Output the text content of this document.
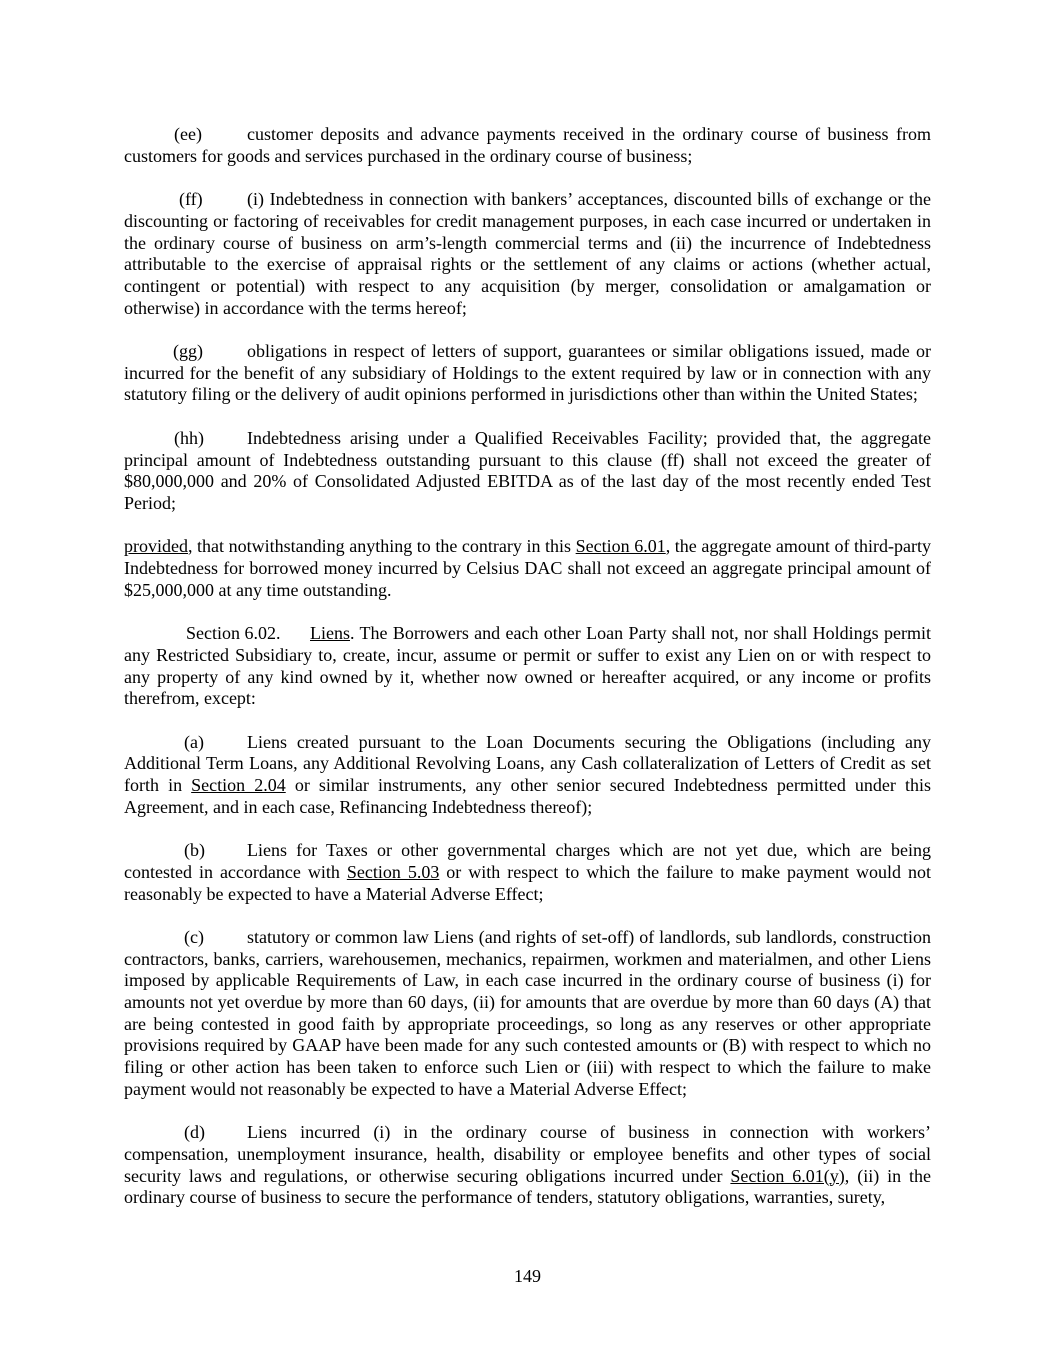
(ee)	customer deposits and advance payments received in the ordinary course of business from customers for goods and services purchased in the ordinary course of business;

(ff) (i) Indebtedness in connection with bankers’ acceptances, discounted bills of exchange or the discounting or factoring of receivables for credit management purposes, in each case incurred or undertaken in the ordinary course of business on arm’s-length commercial terms and (ii) the incurrence of Indebtedness attributable to the exercise of appraisal rights or the settlement of any claims or actions (whether actual, contingent or potential) with respect to any acquisition (by merger, consolidation or amalgamation or otherwise) in accordance with the terms hereof;

(gg) obligations in respect of letters of support, guarantees or similar obligations issued, made or incurred for the benefit of any subsidiary of Holdings to the extent required by law or in connection with any statutory filing or the delivery of audit opinions performed in jurisdictions other than within the United States;

(hh) Indebtedness arising under a Qualified Receivables Facility; provided that, the aggregate principal amount of Indebtedness outstanding pursuant to this clause (ff) shall not exceed the greater of $80,000,000 and 20% of Consolidated Adjusted EBITDA as of the last day of the most recently ended Test Period;

provided, that notwithstanding anything to the contrary in this Section 6.01, the aggregate amount of third-party Indebtedness for borrowed money incurred by Celsius DAC shall not exceed an aggregate principal amount of $25,000,000 at any time outstanding.

Section 6.02. Liens. The Borrowers and each other Loan Party shall not, nor shall Holdings permit any Restricted Subsidiary to, create, incur, assume or permit or suffer to exist any Lien on or with respect to any property of any kind owned by it, whether now owned or hereafter acquired, or any income or profits therefrom, except:

(a) Liens created pursuant to the Loan Documents securing the Obligations (including any Additional Term Loans, any Additional Revolving Loans, any Cash collateralization of Letters of Credit as set forth in Section 2.04 or similar instruments, any other senior secured Indebtedness permitted under this Agreement, and in each case, Refinancing Indebtedness thereof);

(b) Liens for Taxes or other governmental charges which are not yet due, which are being contested in accordance with Section 5.03 or with respect to which the failure to make payment would not reasonably be expected to have a Material Adverse Effect;

(c) statutory or common law Liens (and rights of set-off) of landlords, sub landlords, construction contractors, banks, carriers, warehousemen, mechanics, repairmen, workmen and materialmen, and other Liens imposed by applicable Requirements of Law, in each case incurred in the ordinary course of business (i) for amounts not yet overdue by more than 60 days, (ii) for amounts that are overdue by more than 60 days (A) that are being contested in good faith by appropriate proceedings, so long as any reserves or other appropriate provisions required by GAAP have been made for any such contested amounts or (B) with respect to which no filing or other action has been taken to enforce such Lien or (iii) with respect to which the failure to make payment would not reasonably be expected to have a Material Adverse Effect;

(d) Liens incurred (i) in the ordinary course of business in connection with workers’ compensation, unemployment insurance, health, disability or employee benefits and other types of social security laws and regulations, or otherwise securing obligations incurred under Section 6.01(y), (ii) in the ordinary course of business to secure the performance of tenders, statutory obligations, warranties, surety,

149
